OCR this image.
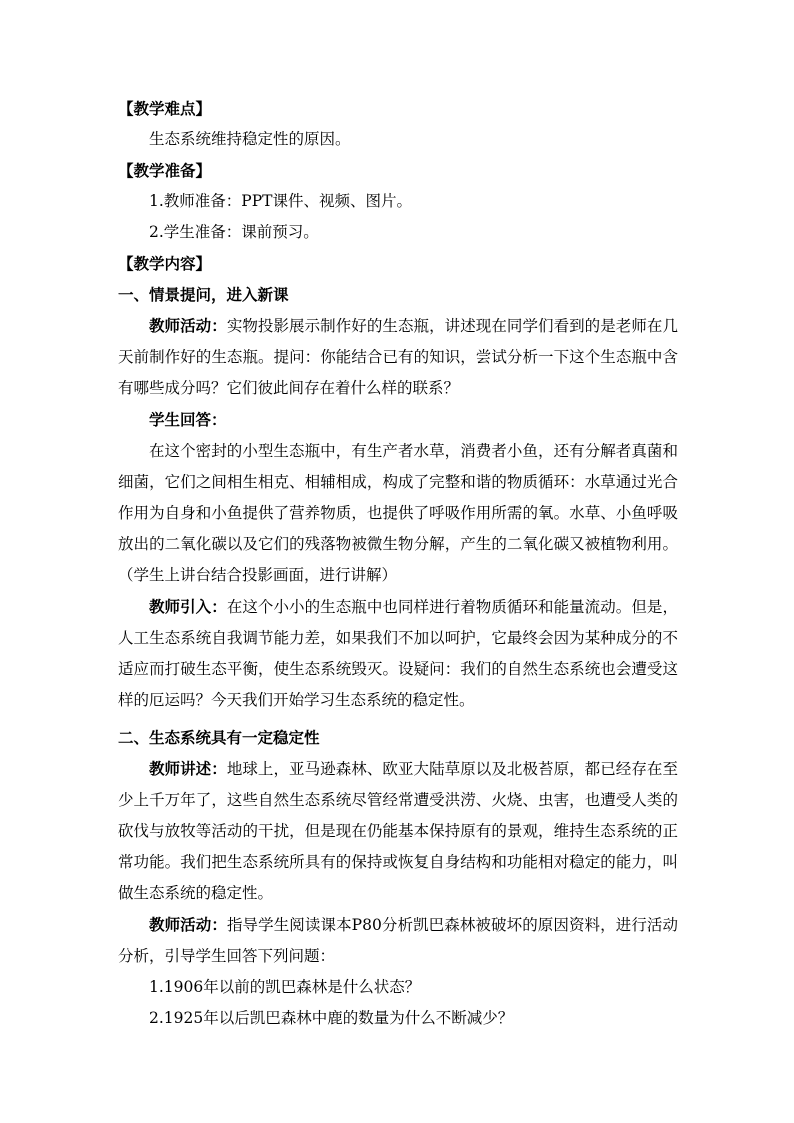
【教学难点】

生态系统维持稳定性的原因。

【教学准备】

1.教师准备：PPT课件、视频、图片。

2.学生准备：课前预习。

【教学内容】

一、情景提问，进入新课

教师活动：实物投影展示制作好的生态瓶，讲述现在同学们看到的是老师在几天前制作好的生态瓶。提问：你能结合已有的知识，尝试分析一下这个生态瓶中含有哪些成分吗？它们彼此间存在着什么样的联系？

学生回答：

在这个密封的小型生态瓶中，有生产者水草，消费者小鱼，还有分解者真菌和细菌，它们之间相生相克、相辅相成，构成了完整和谐的物质循环：水草通过光合作用为自身和小鱼提供了营养物质，也提供了呼吸作用所需的氧。水草、小鱼呼吸放出的二氧化碳以及它们的残落物被微生物分解，产生的二氧化碳又被植物利用。（学生上讲台结合投影画面，进行讲解）

教师引入：在这个小小的生态瓶中也同样进行着物质循环和能量流动。但是，人工生态系统自我调节能力差，如果我们不加以呵护，它最终会因为某种成分的不适应而打破生态平衡，使生态系统毁灭。设疑问：我们的自然生态系统也会遭受这样的厄运吗？今天我们开始学习生态系统的稳定性。

二、生态系统具有一定稳定性

教师讲述：地球上，亚马逊森林、欧亚大陆草原以及北极苔原，都已经存在至少上千万年了，这些自然生态系统尽管经常遭受洪涝、火烧、虫害，也遭受人类的砍伐与放牧等活动的干扰，但是现在仍能基本保持原有的景观，维持生态系统的正常功能。我们把生态系统所具有的保持或恢复自身结构和功能相对稳定的能力，叫做生态系统的稳定性。

教师活动：指导学生阅读课本P80分析凯巴森林被破坏的原因资料，进行活动分析，引导学生回答下列问题：

1.1906年以前的凯巴森林是什么状态？

2.1925年以后凯巴森林中鹿的数量为什么不断减少？
